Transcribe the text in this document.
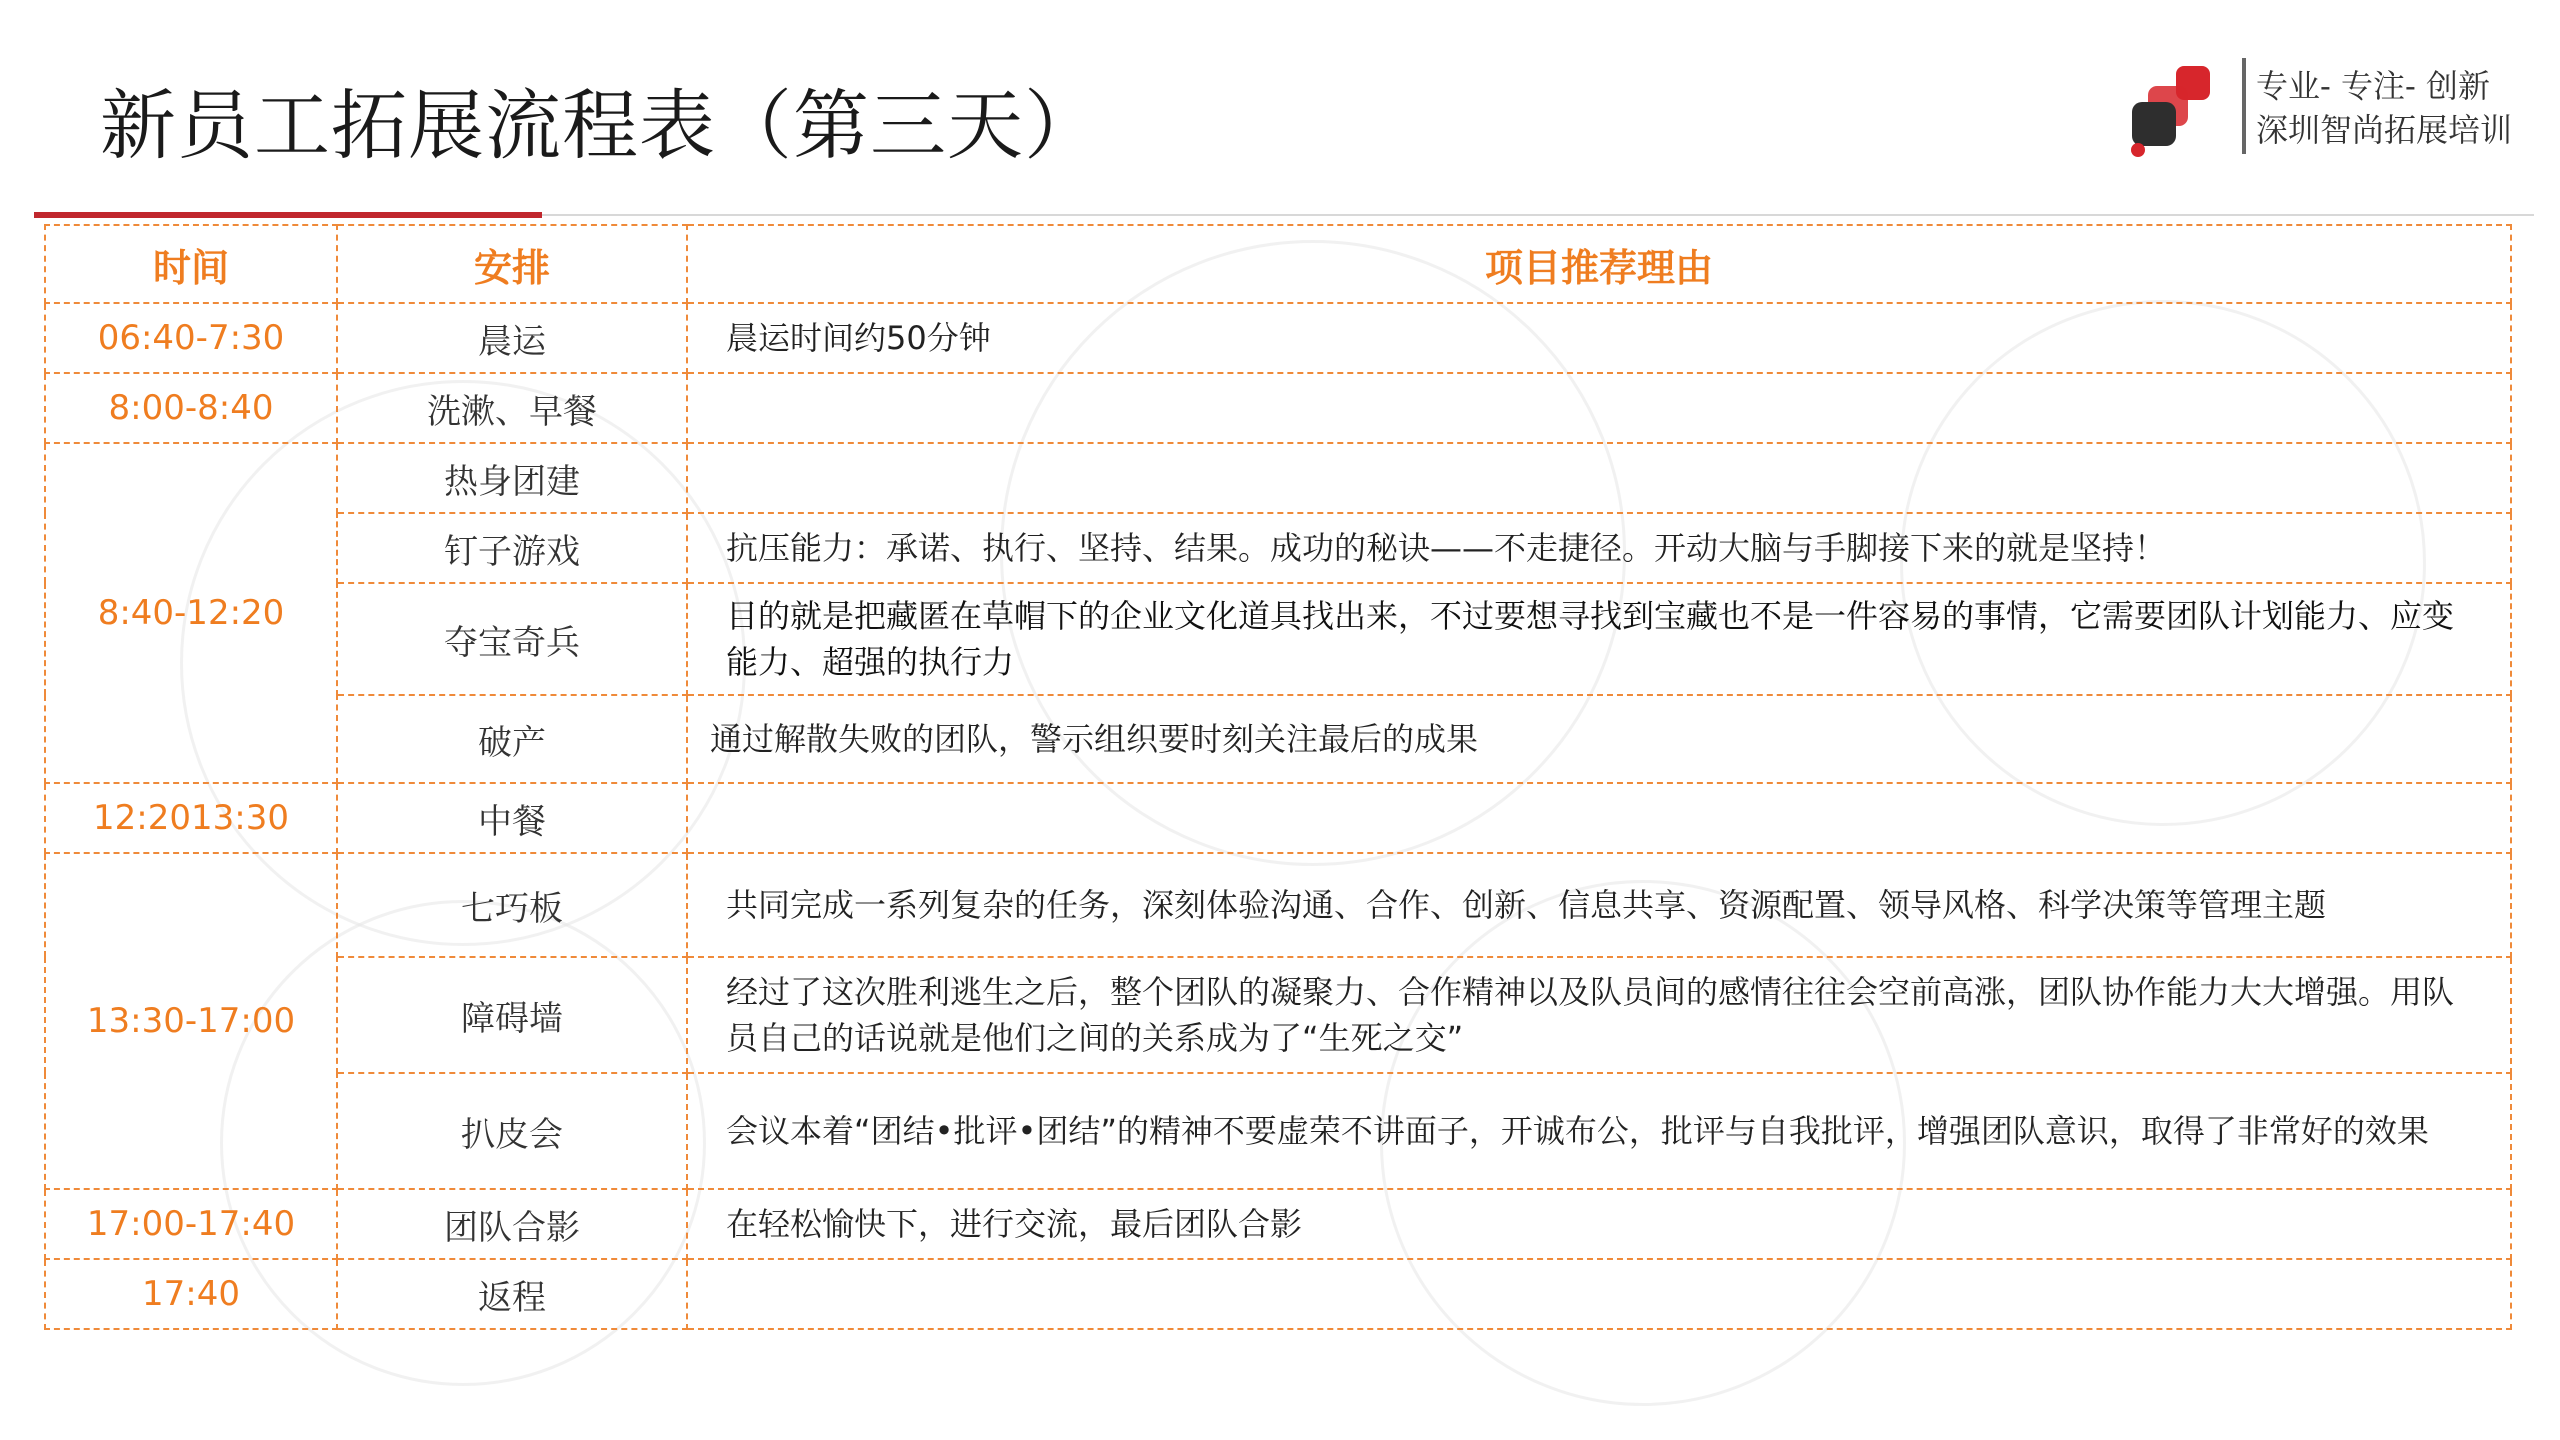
新员工拓展流程表（第三天）	专业- 专注- 创新
深圳智尚拓展培训
时间	安排	项目推荐理由
06:40-7:30	晨运	晨运时间约50分钟
8:00-8:40	洗漱、早餐	
8:40-12:20	热身团建	
	钉子游戏	抗压能力：承诺、执行、坚持、结果。成功的秘诀——不走捷径。开动大脑与手脚接下来的就是坚持！
	夺宝奇兵	目的就是把藏匿在草帽下的企业文化道具找出来，不过要想寻找到宝藏也不是一件容易的事情，它需要团队计划能力、应变能力、超强的执行力
	破产	通过解散失败的团队，警示组织要时刻关注最后的成果
12:2013:30	中餐	
13:30-17:00	七巧板	共同完成一系列复杂的任务，深刻体验沟通、合作、创新、信息共享、资源配置、领导风格、科学决策等管理主题
	障碍墙	经过了这次胜利逃生之后，整个团队的凝聚力、合作精神以及队员间的感情往往会空前高涨，团队协作能力大大增强。用队员自己的话说就是他们之间的关系成为了“生死之交”
	扒皮会	会议本着“团结•批评•团结”的精神不要虚荣不讲面子，开诚布公，批评与自我批评，增强团队意识，取得了非常好的效果
17:00-17:40	团队合影	在轻松愉快下，进行交流，最后团队合影
17:40	返程	
